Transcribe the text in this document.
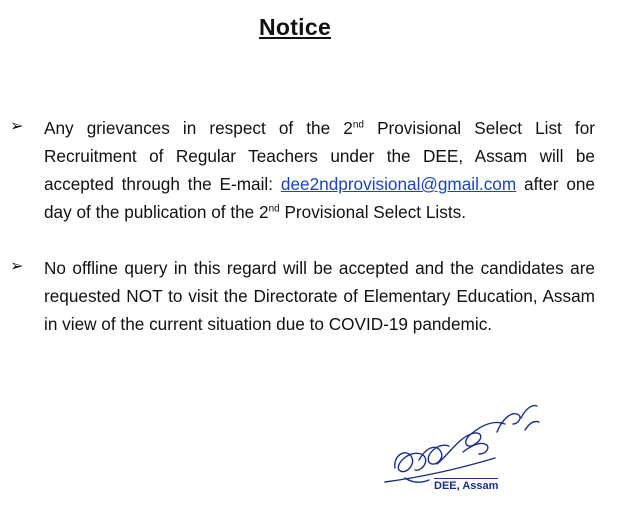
Notice
➢ Any grievances in respect of the 2nd Provisional Select List for Recruitment of Regular Teachers under the DEE, Assam will be accepted through the E-mail: dee2ndprovisional@gmail.com after one day of the publication of the 2nd Provisional Select Lists.
➢ No offline query in this regard will be accepted and the candidates are requested NOT to visit the Directorate of Elementary Education, Assam in view of the current situation due to COVID-19 pandemic.
DEE, Assam
